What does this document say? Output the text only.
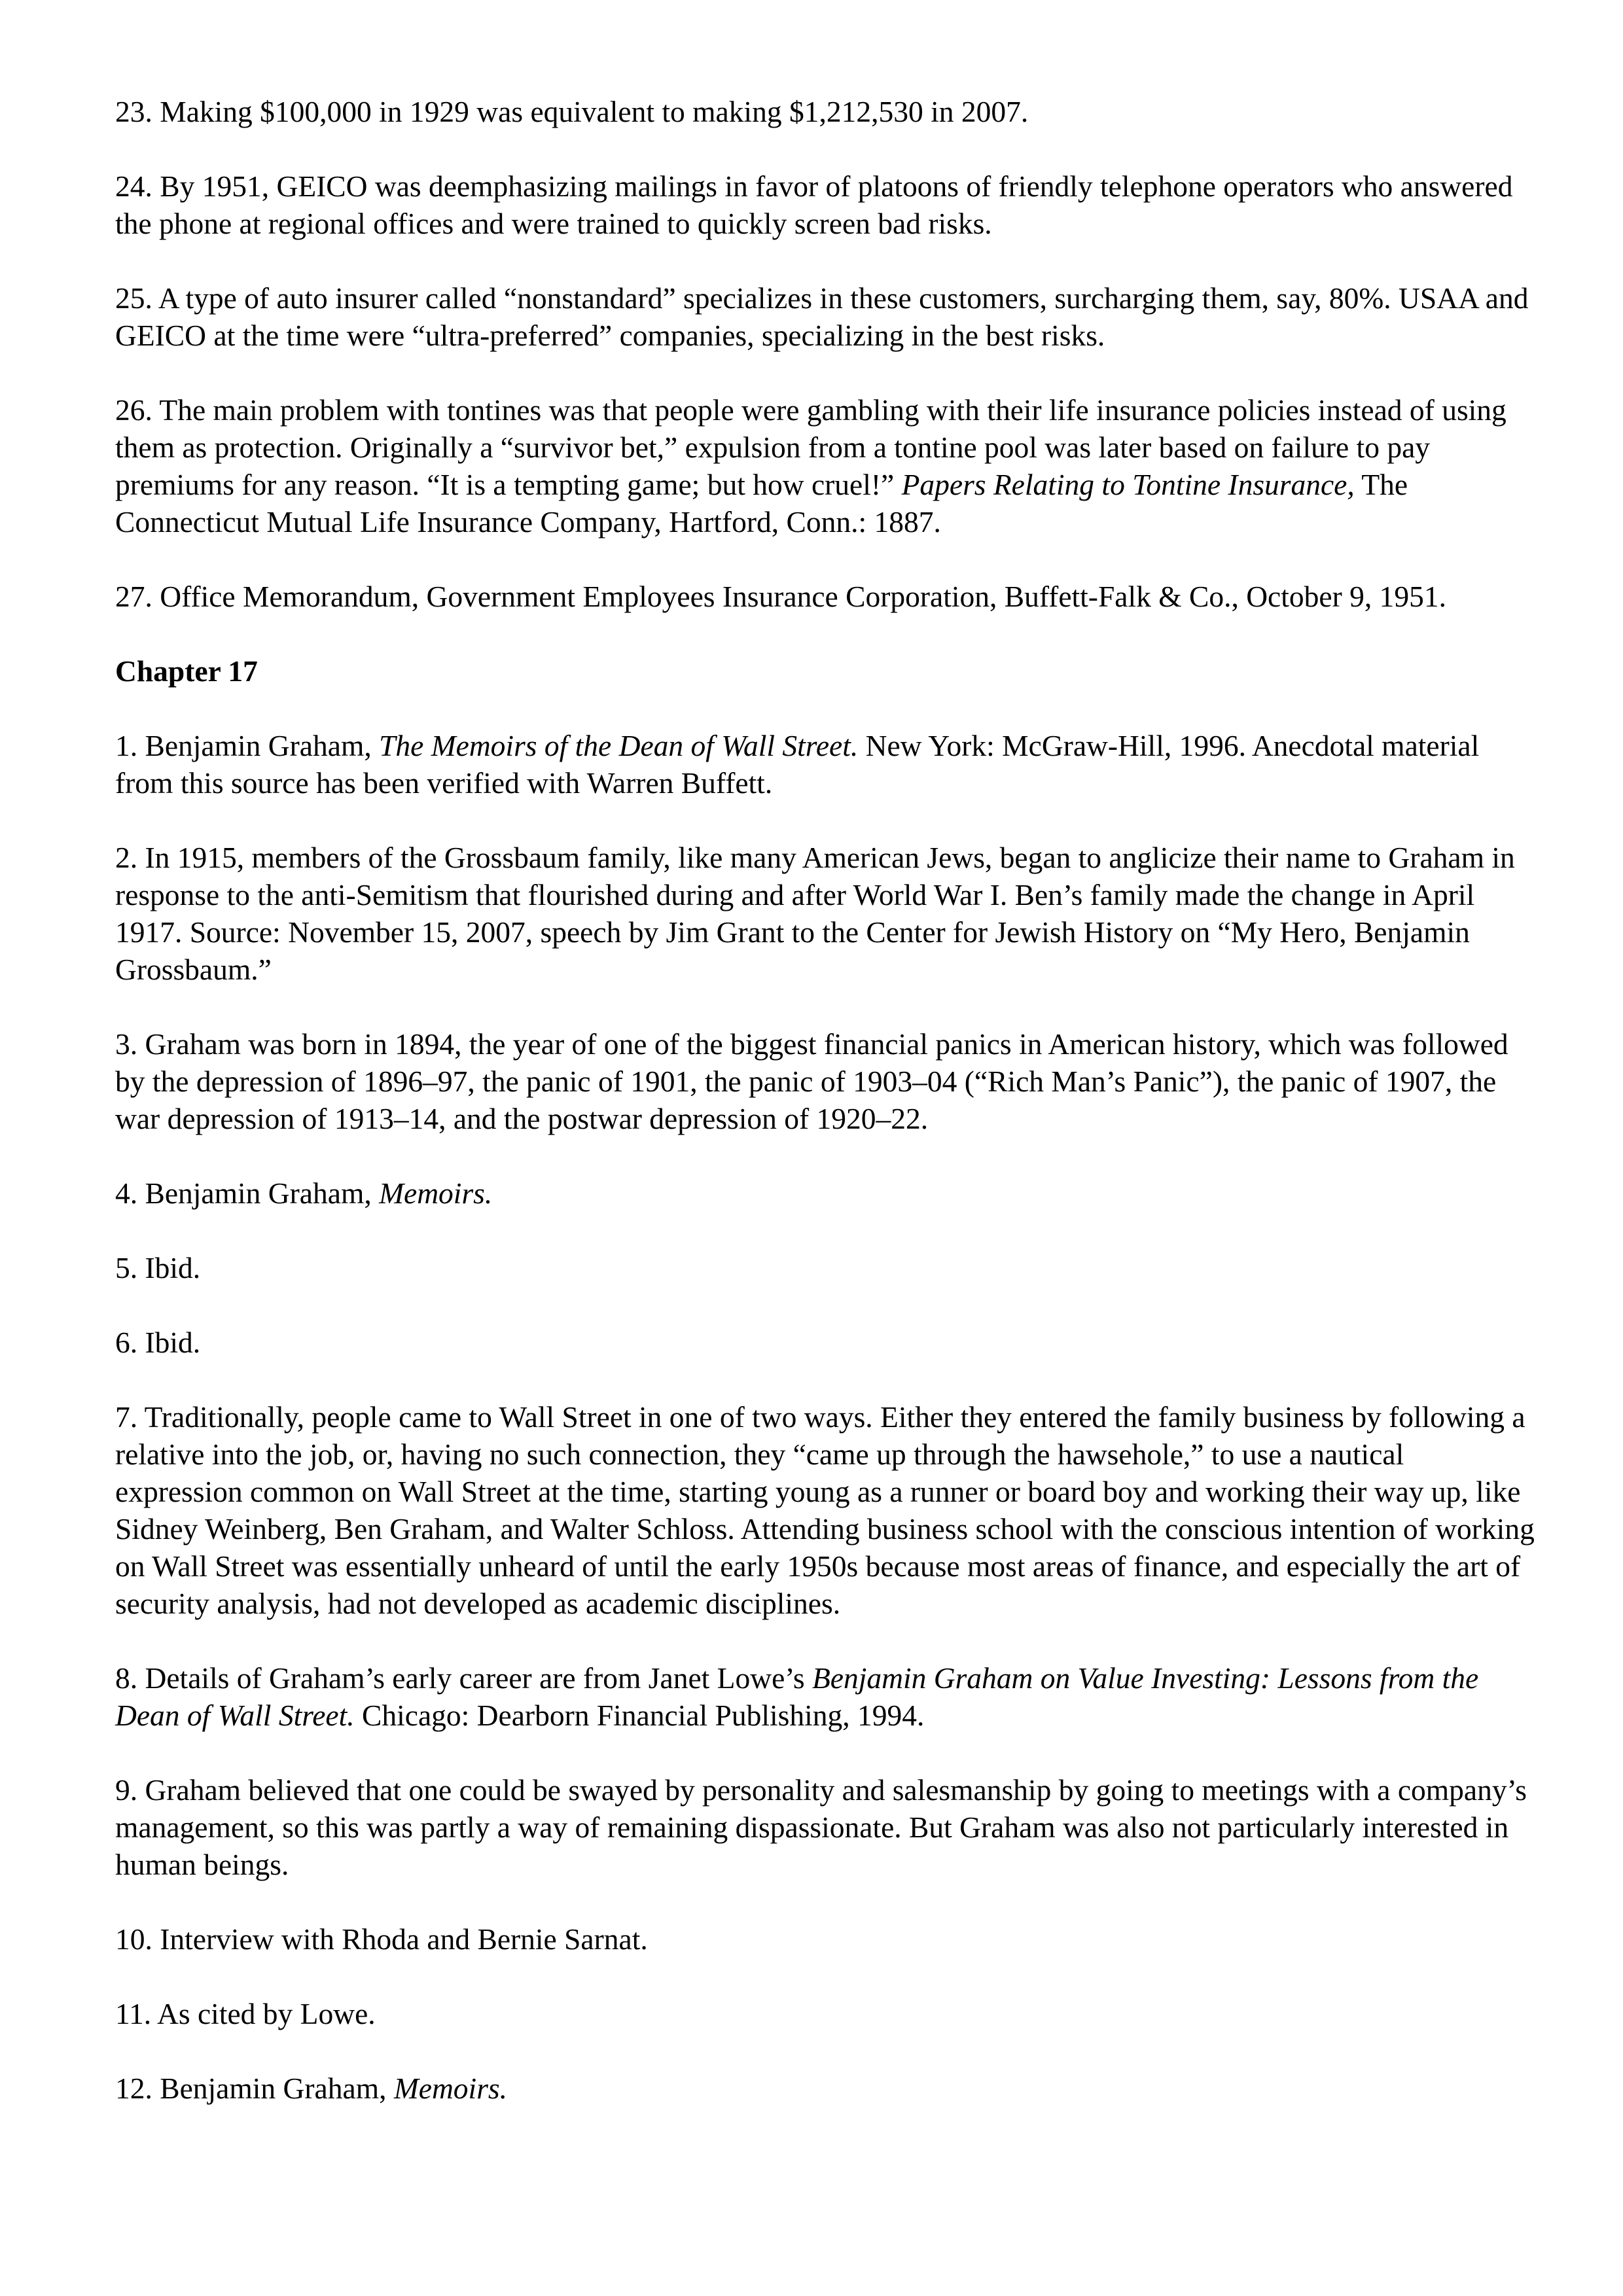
23. Making $100,000 in 1929 was equivalent to making $1,212,530 in 2007.
24. By 1951, GEICO was deemphasizing mailings in favor of platoons of friendly telephone operators who answered the phone at regional offices and were trained to quickly screen bad risks.
25. A type of auto insurer called “nonstandard” specializes in these customers, surcharging them, say, 80%. USAA and GEICO at the time were “ultra-preferred” companies, specializing in the best risks.
26. The main problem with tontines was that people were gambling with their life insurance policies instead of using them as protection. Originally a “survivor bet,” expulsion from a tontine pool was later based on failure to pay premiums for any reason. “It is a tempting game; but how cruel!” Papers Relating to Tontine Insurance, The Connecticut Mutual Life Insurance Company, Hartford, Conn.: 1887.
27. Office Memorandum, Government Employees Insurance Corporation, Buffett-Falk & Co., October 9, 1951.
Chapter 17
1. Benjamin Graham, The Memoirs of the Dean of Wall Street. New York: McGraw-Hill, 1996. Anecdotal material from this source has been verified with Warren Buffett.
2. In 1915, members of the Grossbaum family, like many American Jews, began to anglicize their name to Graham in response to the anti-Semitism that flourished during and after World War I. Ben’s family made the change in April 1917. Source: November 15, 2007, speech by Jim Grant to the Center for Jewish History on “My Hero, Benjamin Grossbaum.”
3. Graham was born in 1894, the year of one of the biggest financial panics in American history, which was followed by the depression of 1896–97, the panic of 1901, the panic of 1903–04 (“Rich Man’s Panic”), the panic of 1907, the war depression of 1913–14, and the postwar depression of 1920–22.
4. Benjamin Graham, Memoirs.
5. Ibid.
6. Ibid.
7. Traditionally, people came to Wall Street in one of two ways. Either they entered the family business by following a relative into the job, or, having no such connection, they “came up through the hawsehole,” to use a nautical expression common on Wall Street at the time, starting young as a runner or board boy and working their way up, like Sidney Weinberg, Ben Graham, and Walter Schloss. Attending business school with the conscious intention of working on Wall Street was essentially unheard of until the early 1950s because most areas of finance, and especially the art of security analysis, had not developed as academic disciplines.
8. Details of Graham’s early career are from Janet Lowe’s Benjamin Graham on Value Investing: Lessons from the Dean of Wall Street. Chicago: Dearborn Financial Publishing, 1994.
9. Graham believed that one could be swayed by personality and salesmanship by going to meetings with a company’s management, so this was partly a way of remaining dispassionate. But Graham was also not particularly interested in human beings.
10. Interview with Rhoda and Bernie Sarnat.
11. As cited by Lowe.
12. Benjamin Graham, Memoirs.
